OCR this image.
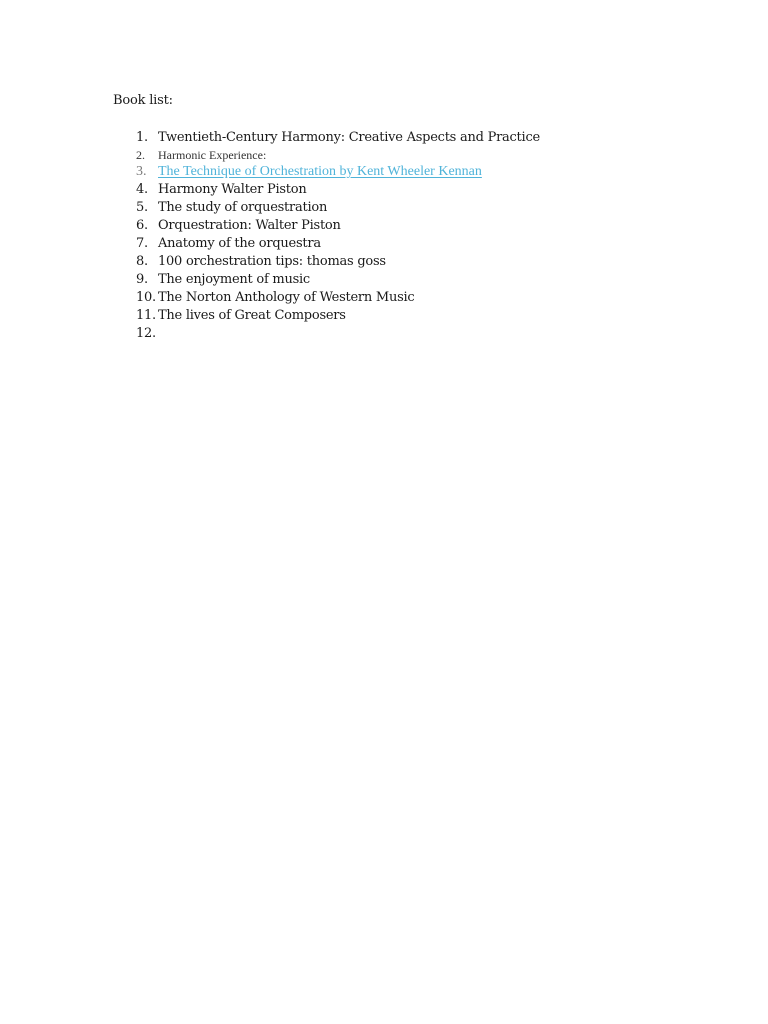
Book list:
1. Twentieth-Century Harmony: Creative Aspects and Practice
2. Harmonic Experience:
3. The Technique of Orchestration by Kent Wheeler Kennan
4. Harmony Walter Piston
5. The study of orquestration
6. Orquestration: Walter Piston
7. Anatomy of the orquestra
8. 100 orchestration tips: thomas goss
9. The enjoyment of music
10. The Norton Anthology of Western Music
11. The lives of Great Composers
12.
